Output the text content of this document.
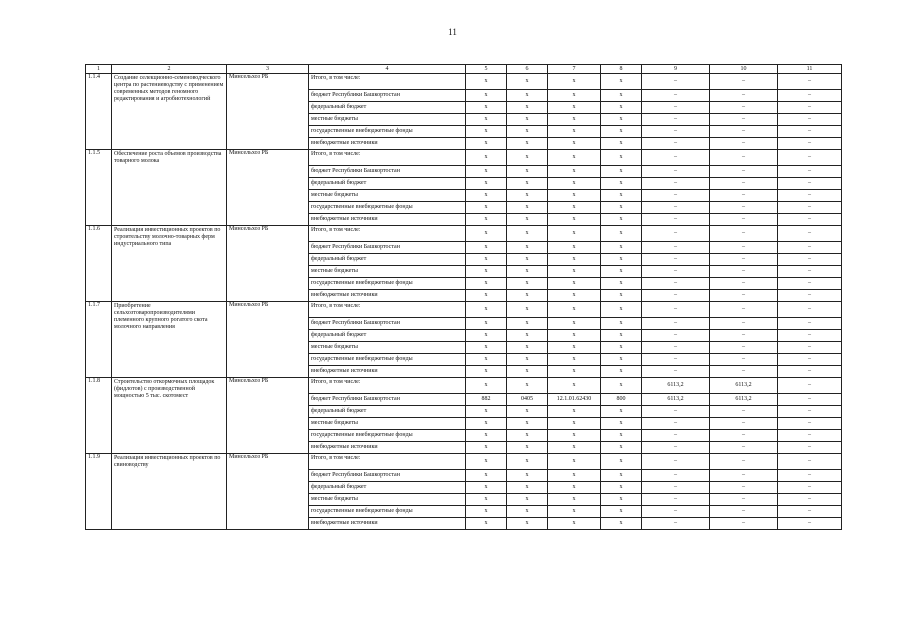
11
1	2	3	4	5	6	7	8	9	10	11
1.1.4	Создание селекционно-семеноводческого центра по растениеводству с применением современных методов геномного редактирования и агробиотехнологий	Минсельхоз РБ	Итого, в том числе:	х	х	х	х	–	–	–
			бюджет Республики Башкортостан	х	х	х	х	–	–	–
			федеральный бюджет	х	х	х	х	–	–	–
			местные бюджеты	х	х	х	х	–	–	–
			государственные внебюджетные фонды	х	х	х	х	–	–	–
			внебюджетные источники	х	х	х	х	–	–	–
1.1.5	Обеспечение роста объемов производства товарного молока	Минсельхоз РБ	Итого, в том числе:	х	х	х	х	–	–	–
			бюджет Республики Башкортостан	х	х	х	х	–	–	–
			федеральный бюджет	х	х	х	х	–	–	–
			местные бюджеты	х	х	х	х	–	–	–
			государственные внебюджетные фонды	х	х	х	х	–	–	–
			внебюджетные источники	х	х	х	х	–	–	–
1.1.6	Реализация инвестиционных проектов по строительству молочно-товарных ферм индустриального типа	Минсельхоз РБ	Итого, в том числе:	х	х	х	х	–	–	–
			бюджет Республики Башкортостан	х	х	х	х	–	–	–
			федеральный бюджет	х	х	х	х	–	–	–
			местные бюджеты	х	х	х	х	–	–	–
			государственные внебюджетные фонды	х	х	х	х	–	–	–
			внебюджетные источники	х	х	х	х	–	–	–
1.1.7	Приобретение сельхозтоваропроизводителями племенного крупного рогатого скота молочного направления	Минсельхоз РБ	Итого, в том числе:	х	х	х	х	–	–	–
			бюджет Республики Башкортостан	х	х	х	х	–	–	–
			федеральный бюджет	х	х	х	х	–	–	–
			местные бюджеты	х	х	х	х	–	–	–
			государственные внебюджетные фонды	х	х	х	х	–	–	–
			внебюджетные источники	х	х	х	х	–	–	–
1.1.8	Строительство откормочных площадок (фидлотов) с производственной мощностью 5 тыс. скотомест	Минсельхоз РБ	Итого, в том числе:	х	х	х	х	6113,2	6113,2	–
			бюджет Республики Башкортостан	882	0405	12.1.01.62430	800	6113,2	6113,2	–
			федеральный бюджет	х	х	х	х	–	–	–
			местные бюджеты	х	х	х	х	–	–	–
			государственные внебюджетные фонды	х	х	х	х	–	–	–
			внебюджетные источники	х	х	х	х	–	–	–
1.1.9	Реализация инвестиционных проектов по свиноводству	Минсельхоз РБ	Итого, в том числе:	х	х	х	х	–	–	–
			бюджет Республики Башкортостан	х	х	х	х	–	–	–
			федеральный бюджет	х	х	х	х	–	–	–
			местные бюджеты	х	х	х	х	–	–	–
			государственные внебюджетные фонды	х	х	х	х	–	–	–
			внебюджетные источники	х	х	х	х	–	–	–
